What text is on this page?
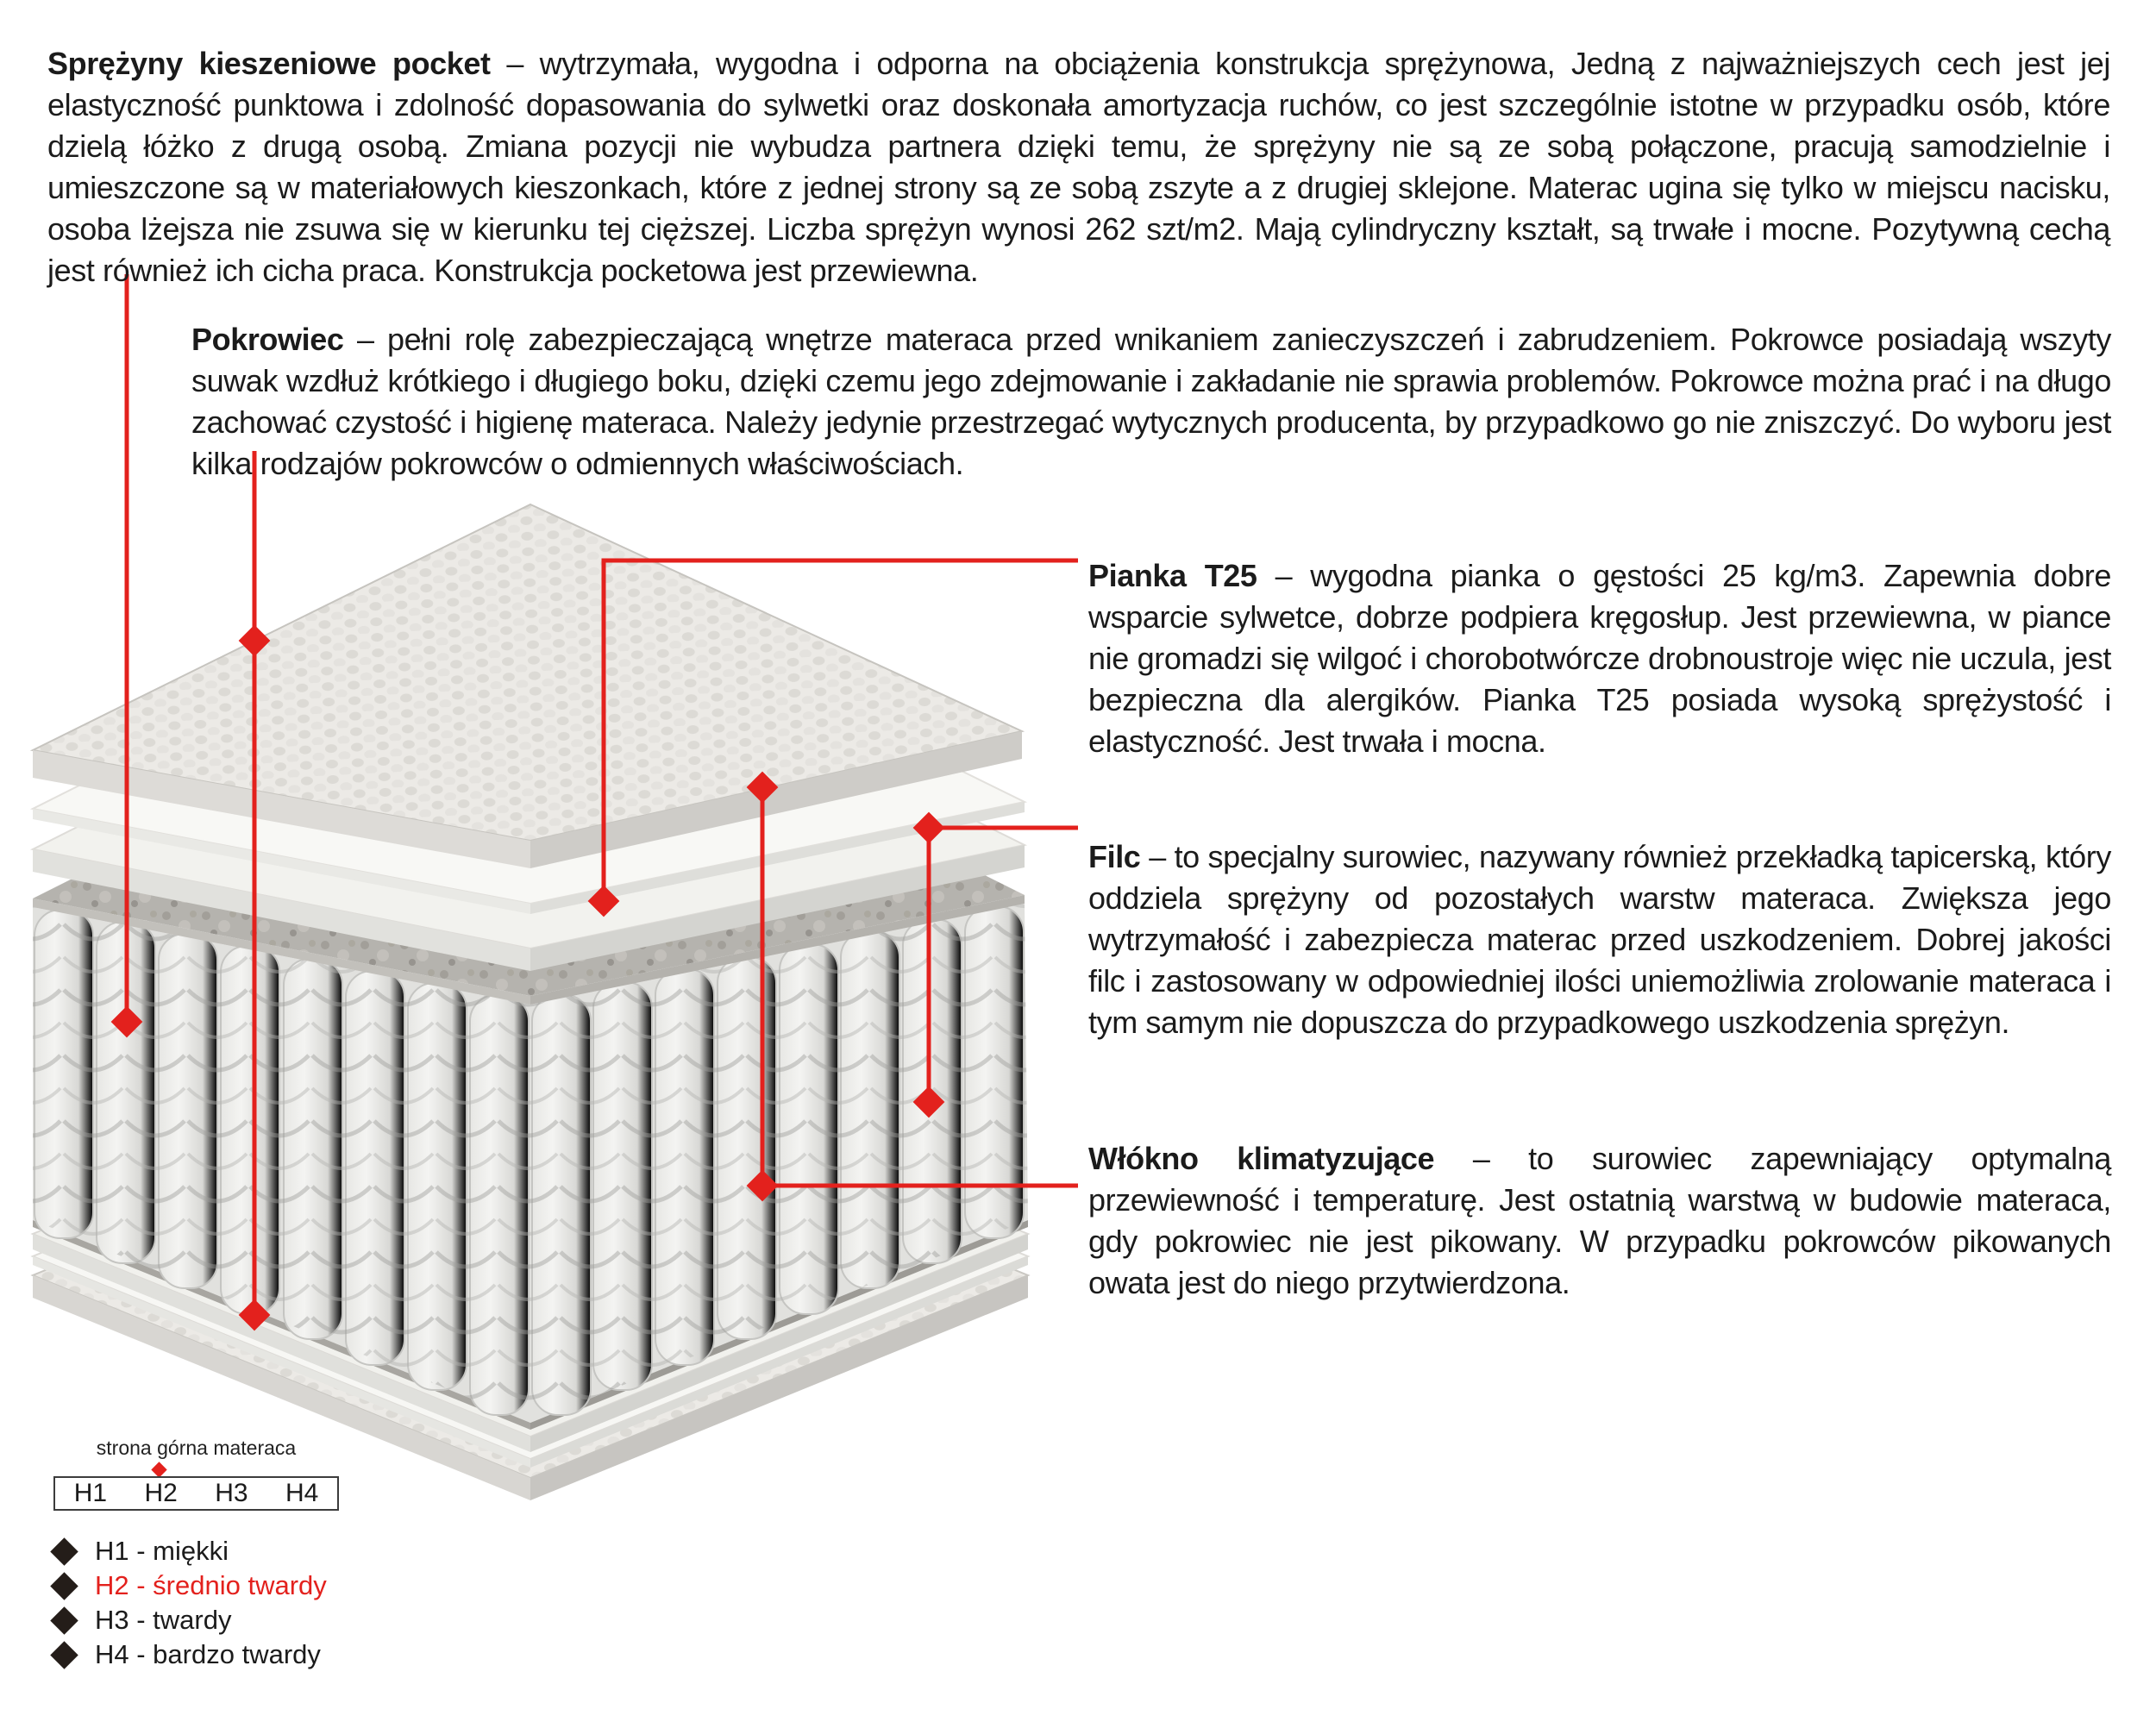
Sprężyny kieszeniowe pocket – wytrzymała, wygodna i odporna na obciążenia konstrukcja sprężynowa, Jedną z najważniejszych cech jest jej elastyczność punktowa i zdolność dopasowania do sylwetki oraz doskonała amortyzacja ruchów, co jest szczególnie istotne w przypadku osób, które dzielą łóżko z drugą osobą. Zmiana pozycji nie wybudza partnera dzięki temu, że sprężyny nie są ze sobą połączone, pracują samodzielnie i umieszczone są w materiałowych kieszonkach, które z jednej strony są ze sobą zszyte a z drugiej sklejone. Materac ugina się tylko w miejscu nacisku, osoba lżejsza nie zsuwa się w kierunku tej cięższej. Liczba sprężyn wynosi 262 szt/m2. Mają cylindryczny kształt, są trwałe i mocne. Pozytywną cechą jest również ich cicha praca. Konstrukcja pocketowa jest przewiewna.

Pokrowiec – pełni rolę zabezpieczającą wnętrze materaca przed wnikaniem zanieczyszczeń i zabrudzeniem. Pokrowce posiadają wszyty suwak wzdłuż krótkiego i długiego boku, dzięki czemu jego zdejmowanie i zakładanie nie sprawia problemów. Pokrowce można prać i na długo zachować czystość i higienę materaca. Należy jedynie przestrzegać wytycznych producenta, by przypadkowo go nie zniszczyć. Do wyboru jest kilka rodzajów pokrowców o odmiennych właściwościach.

Pianka T25 – wygodna pianka o gęstości 25 kg/m3. Zapewnia dobre wsparcie sylwetce, dobrze podpiera kręgosłup. Jest przewiewna, w piance nie gromadzi się wilgoć i chorobotwórcze drobnoustroje więc nie uczula, jest bezpieczna dla alergików. Pianka T25 posiada wysoką sprężystość i elastyczność. Jest trwała i mocna.

Filc – to specjalny surowiec, nazywany również przekładką tapicerską, który oddziela sprężyny od pozostałych warstw materaca. Zwiększa jego wytrzymałość i zabezpiecza materac przed uszkodzeniem. Dobrej jakości filc i zastosowany w odpowiedniej ilości uniemożliwia zrolowanie materaca i tym samym nie dopuszcza do przypadkowego uszkodzenia sprężyn.

Włókno klimatyzujące – to surowiec zapewniający optymalną przewiewność i temperaturę. Jest ostatnią warstwą w budowie materaca, gdy pokrowiec nie jest pikowany. W przypadku pokrowców pikowanych owata jest do niego przytwierdzona.

strona górna materaca
H1	H2	H3	H4
H1 - miękki
H2 - średnio twardy
H3 - twardy
H4 - bardzo twardy
